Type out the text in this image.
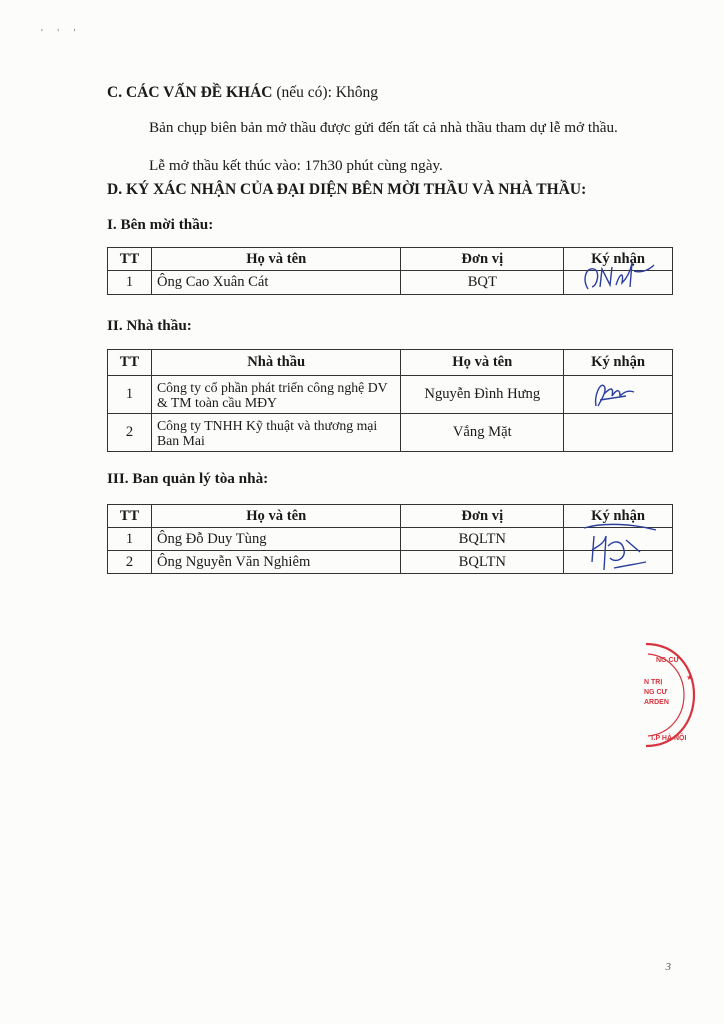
' ' '
C. CÁC VẤN ĐỀ KHÁC (nếu có): Không
Bản chụp biên bản mở thầu được gửi đến tất cả nhà thầu tham dự lễ mở thầu.
Lễ mở thầu kết thúc vào: 17h30 phút cùng ngày.
D. KÝ XÁC NHẬN CỦA ĐẠI DIỆN BÊN MỜI THẦU VÀ NHÀ THẦU:
I. Bên mời thầu:
TT	Họ và tên	Đơn vị	Ký nhận
1	Ông Cao Xuân Cát	BQT	
II. Nhà thầu:
TT	Nhà thầu	Họ và tên	Ký nhận
1	Công ty cổ phần phát triển công nghệ DV & TM toàn cầu MĐY	Nguyễn Đình Hưng	

2	Công ty TNHH Kỹ thuật và thương mại Ban Mai	Vắng Mặt	
III. Ban quản lý tòa nhà:
TT	Họ và tên	Đơn vị	Ký nhận
1	Ông Đỗ Duy Tùng	BQLTN	

2	Ông Nguyễn Văn Nghiêm	BQLTN	
NG CƯ
N TRỊ
NG CƯ
ARDEN
T.P HÀ NỘI
★
3
